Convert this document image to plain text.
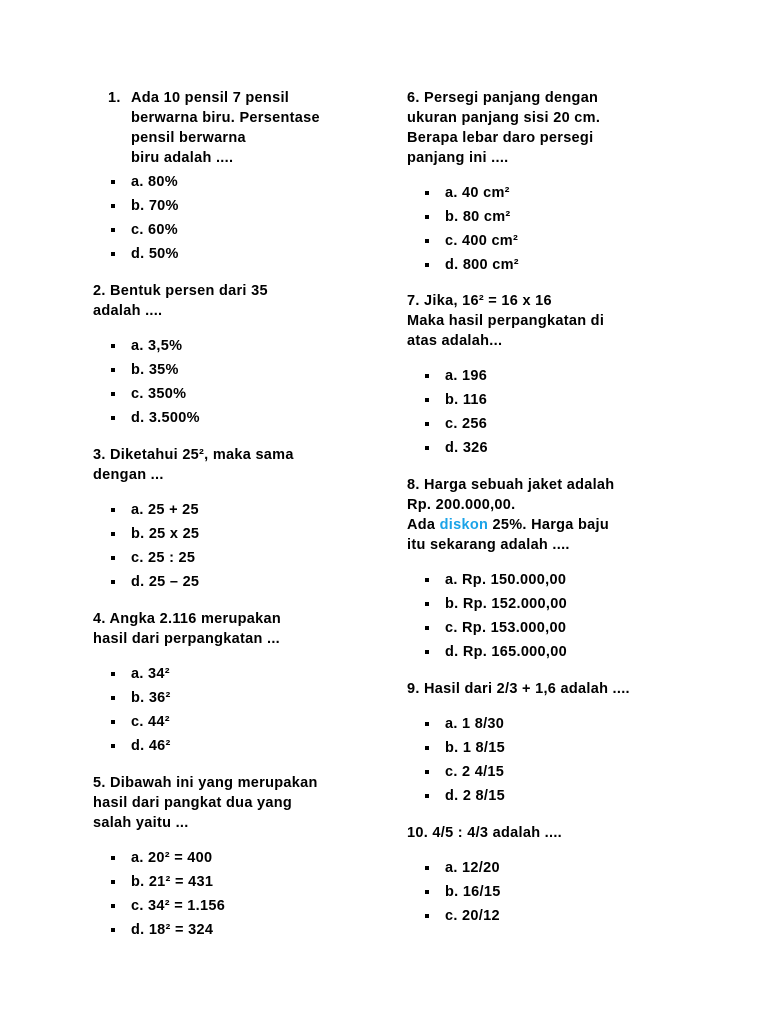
1. Ada 10 pensil 7 pensil
berwarna biru. Persentase
pensil berwarna
biru adalah ....

a. 80%
b. 70%
c. 60%
d. 50%

2. Bentuk persen dari 35
adalah ....

a. 3,5%
b. 35%
c. 350%
d. 3.500%

3. Diketahui 25², maka sama
dengan ...

a. 25 + 25
b. 25 x 25
c. 25 : 25
d. 25 – 25

4. Angka 2.116 merupakan
hasil dari perpangkatan ...

a. 34²
b. 36²
c. 44²
d. 46²

5. Dibawah ini yang merupakan
hasil dari pangkat dua yang
salah yaitu ...

a. 20² = 400
b. 21² = 431
c. 34² = 1.156
d. 18² = 324

6. Persegi panjang dengan
ukuran panjang sisi 20 cm.
Berapa lebar daro persegi
panjang ini ....

a. 40 cm²
b. 80 cm²
c. 400 cm²
d. 800 cm²

7. Jika, 16² = 16 x 16
Maka hasil perpangkatan di
atas adalah...

a. 196
b. 116
c. 256
d. 326

8. Harga sebuah jaket adalah
Rp. 200.000,00.
Ada diskon 25%. Harga baju
itu sekarang adalah ....

a. Rp. 150.000,00
b. Rp. 152.000,00
c. Rp. 153.000,00
d. Rp. 165.000,00

9. Hasil dari 2/3 + 1,6 adalah ....

a. 1 8/30
b. 1 8/15
c. 2 4/15
d. 2 8/15

10. 4/5 : 4/3 adalah ....

a. 12/20
b. 16/15
c. 20/12
